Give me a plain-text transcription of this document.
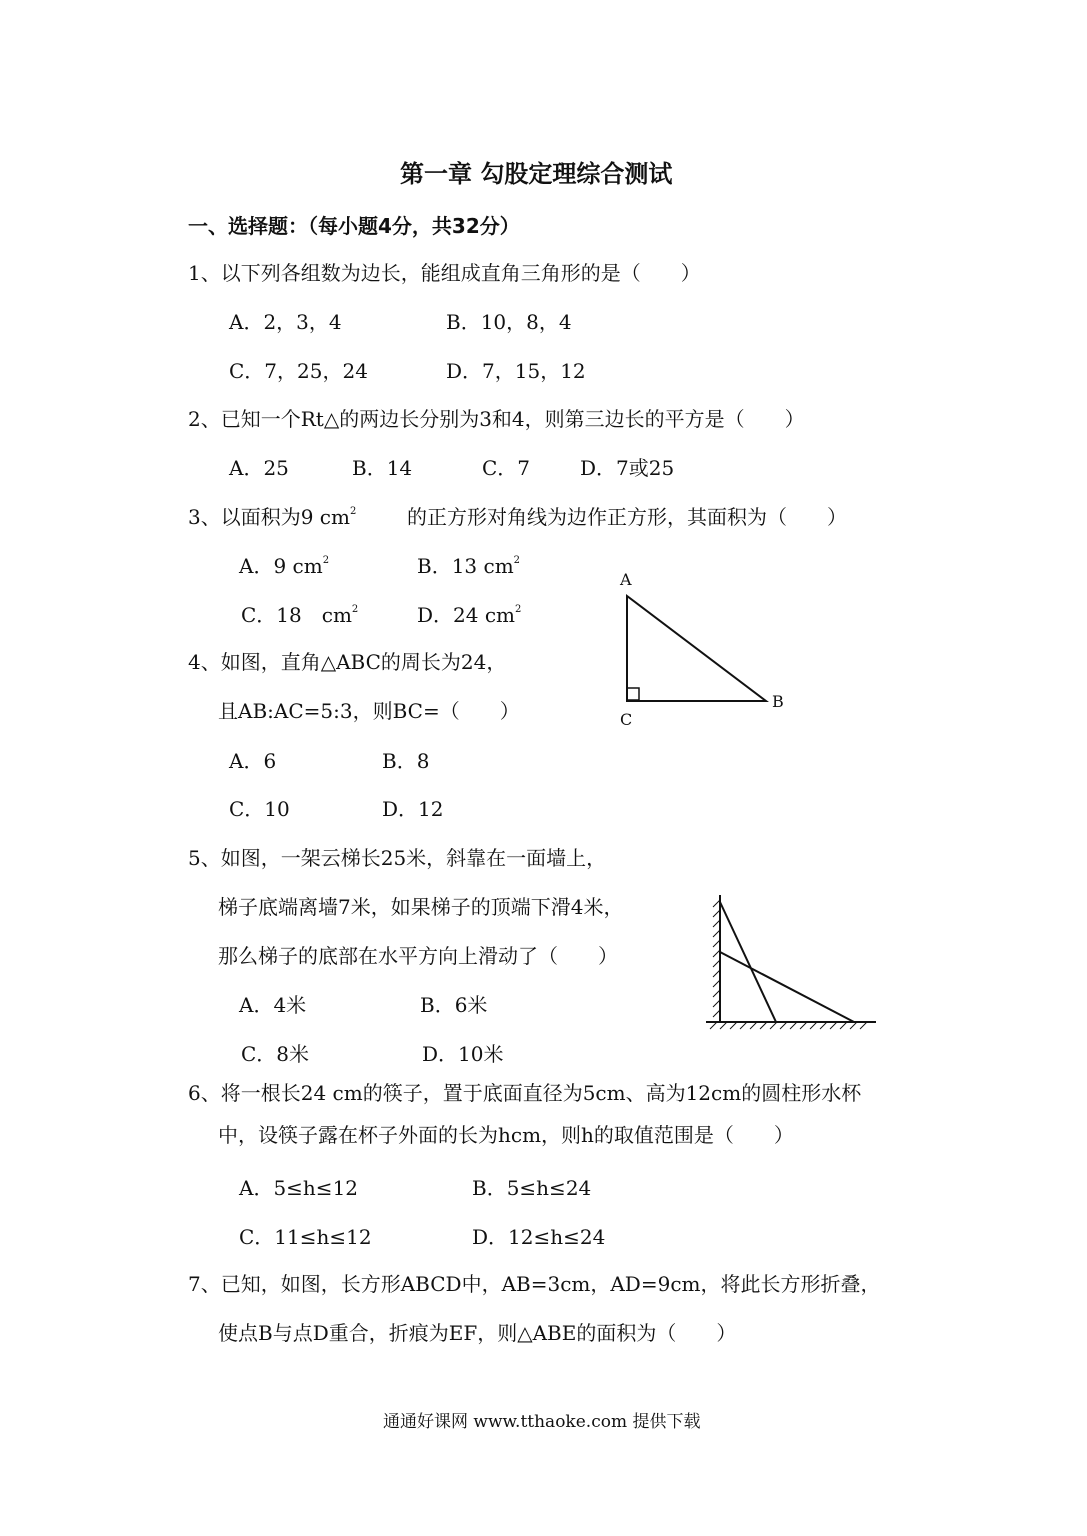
第一章 勾股定理综合测试
一、选择题：（每小题4分，共32分）
1、以下列各组数为边长，能组成直角三角形的是（　　）
A．2，3，4	B．10，8，4
C．7，25，24	D．7，15，12
2、已知一个Rt△的两边长分别为3和4，则第三边长的平方是（　　）
A．25	B．14	C．7 D．7或25
3、以面积为9 $cm^2$	的正方形对角线为边作正方形，其面积为（　　）
A．9 $cm^2$	B．13 $cm^2$
C．18　$cm^2$	D．24 $cm^2$
A
B
C
4、如图，直角△ABC的周长为24，
且AB:AC=5:3，则BC=（　　）
A．6	B．8
C．10	D．12
5、如图，一架云梯长25米，斜靠在一面墙上，
梯子底端离墙7米，如果梯子的顶端下滑4米，
那么梯子的底部在水平方向上滑动了（　　）
A．4米	B．6米
C．8米	D．10米
6、将一根长24 cm的筷子，置于底面直径为5cm、高为12cm的圆柱形水杯
中，设筷子露在杯子外面的长为hcm，则h的取值范围是（　　）
A．5≤h≤12	B．5≤h≤24
C．11≤h≤12	D．12≤h≤24
7、已知，如图，长方形ABCD中，AB=3cm，AD=9cm，将此长方形折叠，
使点B与点D重合，折痕为EF，则△ABE的面积为（　　）
通通好课网 www.tthaoke.com 提供下载
